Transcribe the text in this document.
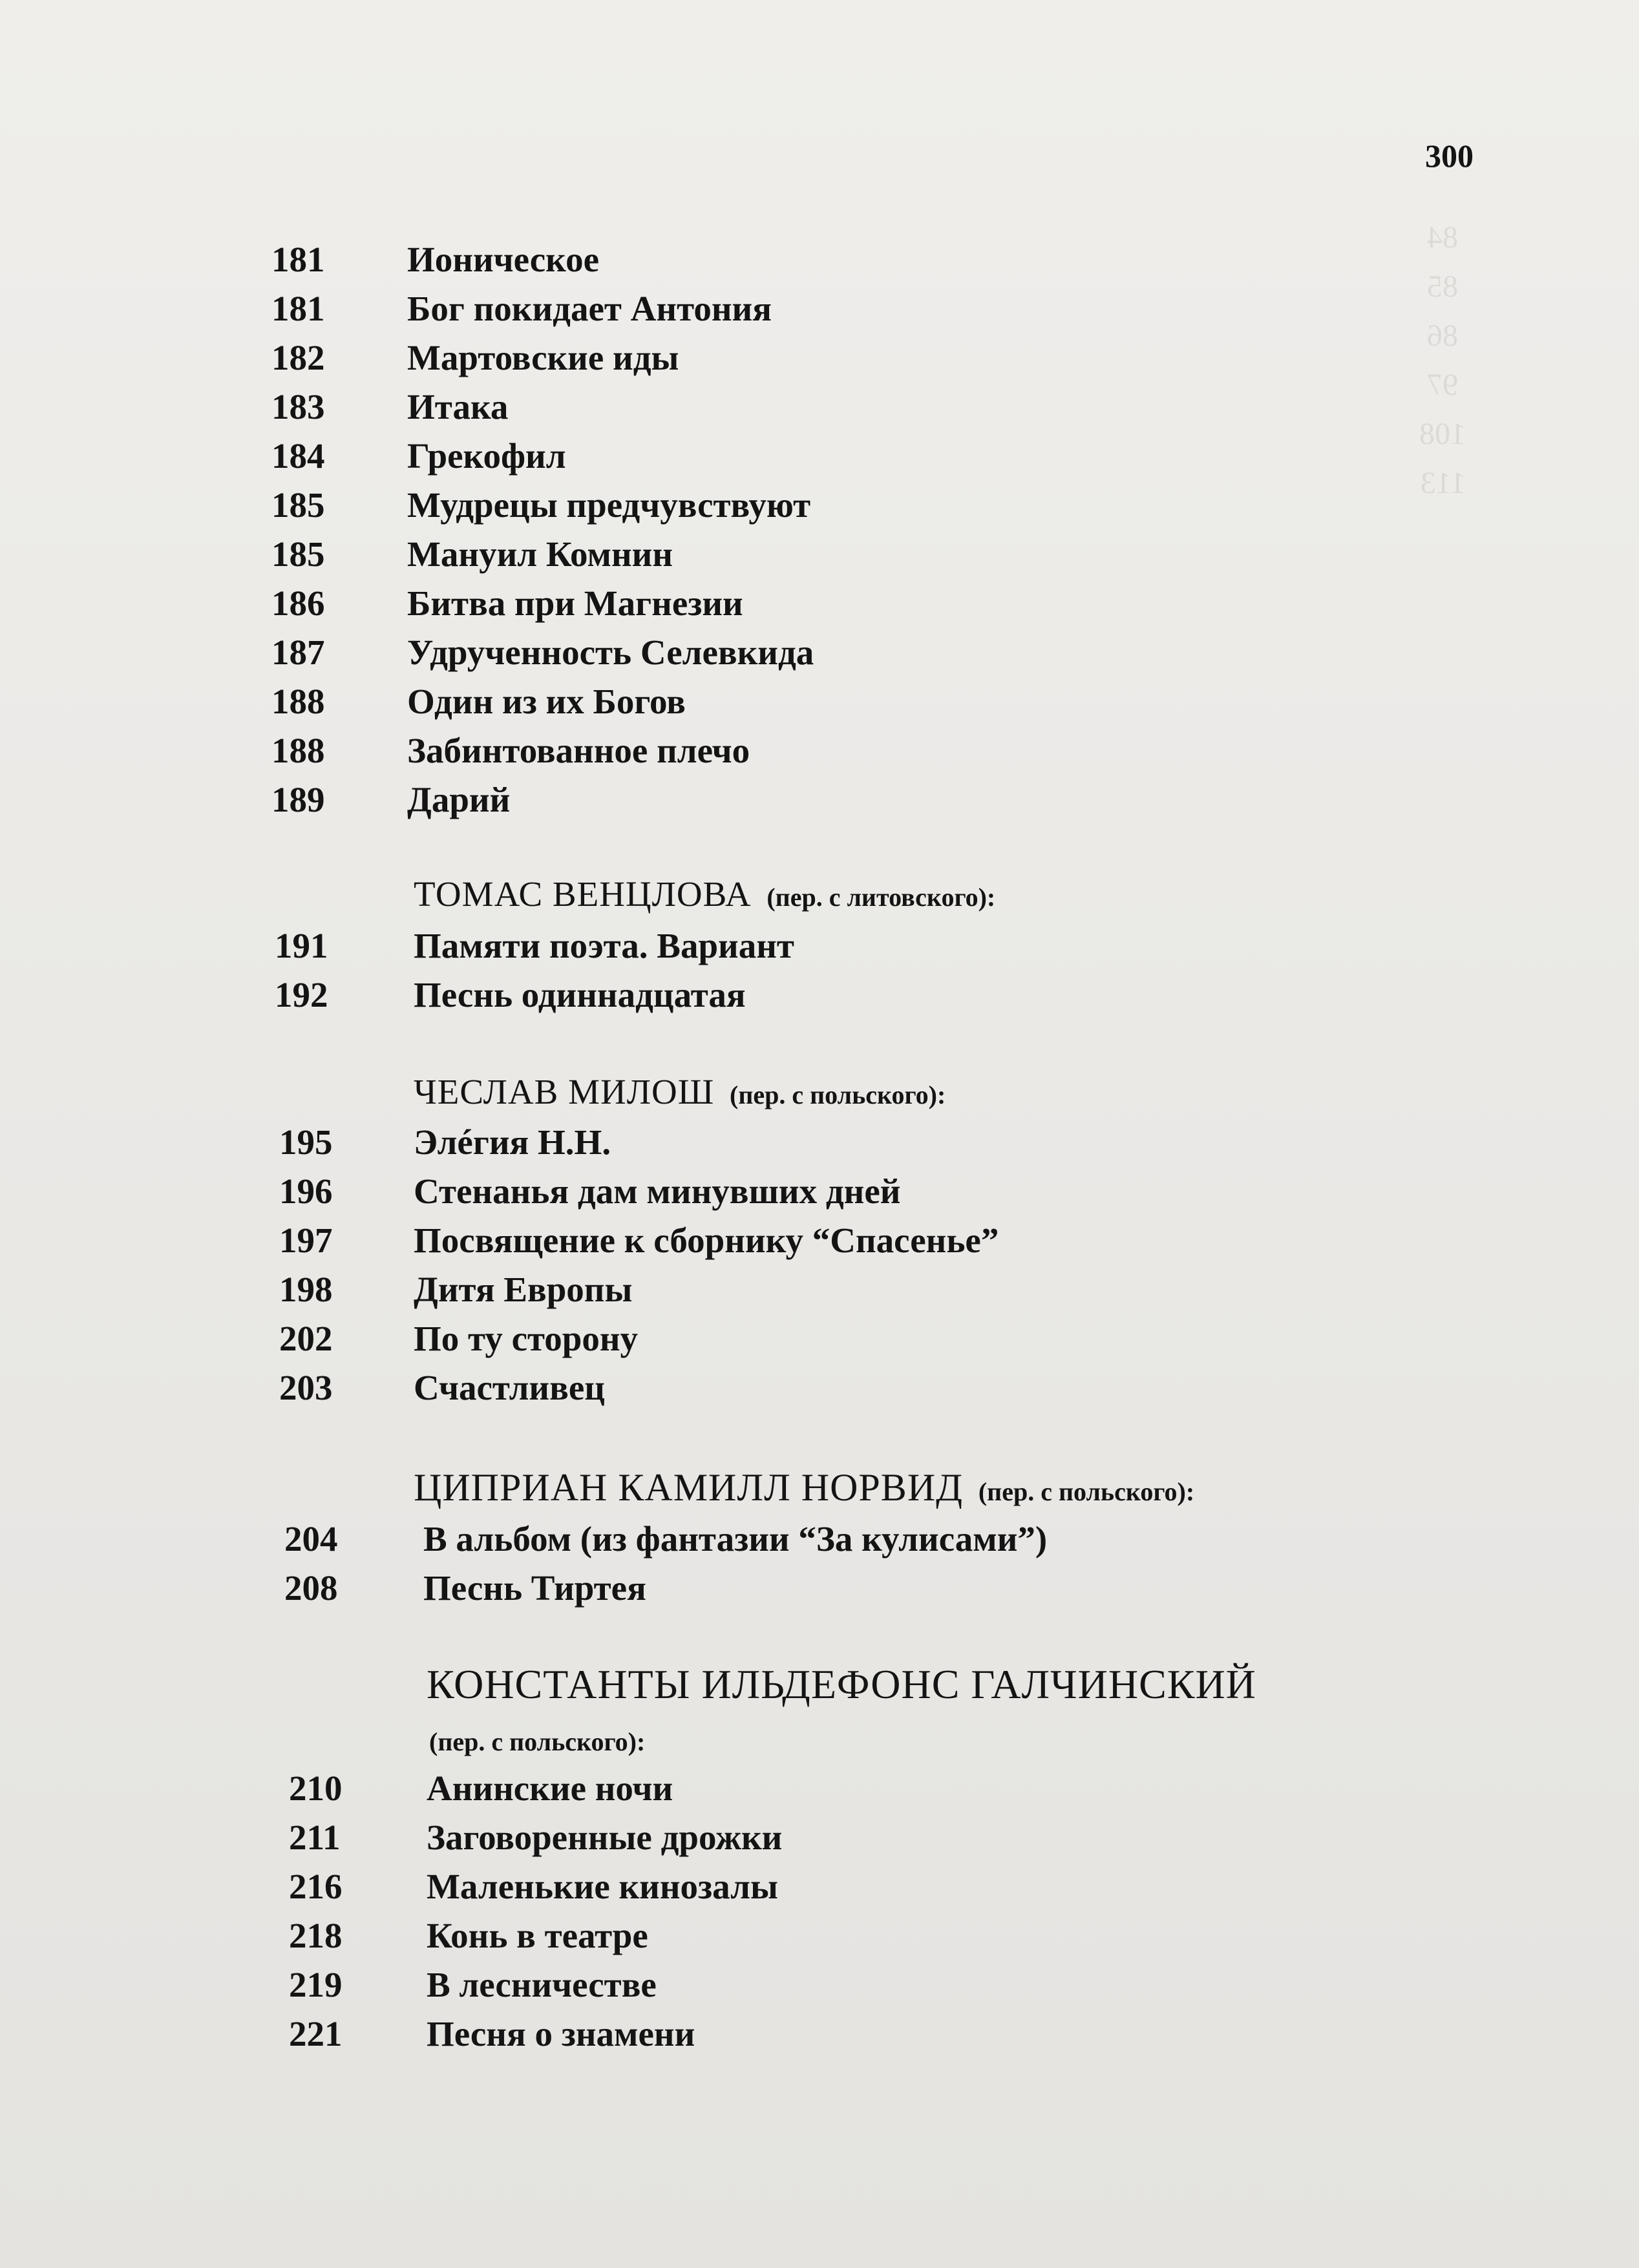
84
85
86
97
108
113
300
181	Ионическое
181	Бог покидает Антония
182	Мартовские иды
183	Итака
184	Грекофил
185	Мудрецы предчувствуют
185	Мануил Комнин
186	Битва при Магнезии
187	Удрученность Селевкида
188	Один из их Богов
188	Забинтованное плечо
189	Дарий
ТОМАС ВЕНЦЛОВА (пер. с литовского):
191	Памяти поэта. Вариант
192	Песнь одиннадцатая
ЧЕСЛАВ МИЛОШ (пер. с польского):
195	Элéгия Н.Н.
196	Стенанья дам минувших дней
197	Посвящение к сборнику “Спасенье”
198	Дитя Европы
202	По ту сторону
203	Счастливец
ЦИПРИАН КАМИЛЛ НОРВИД (пер. с польского):
204	В альбом (из фантазии “За кулисами”)
208	Песнь Тиртея
КОНСТАНТЫ ИЛЬДЕФОНС ГАЛЧИНСКИЙ
(пер. с польского):
210	Анинские ночи
211	Заговоренные дрожки
216	Маленькие кинозалы
218	Конь в театре
219	В лесничестве
221	Песня о знамени
